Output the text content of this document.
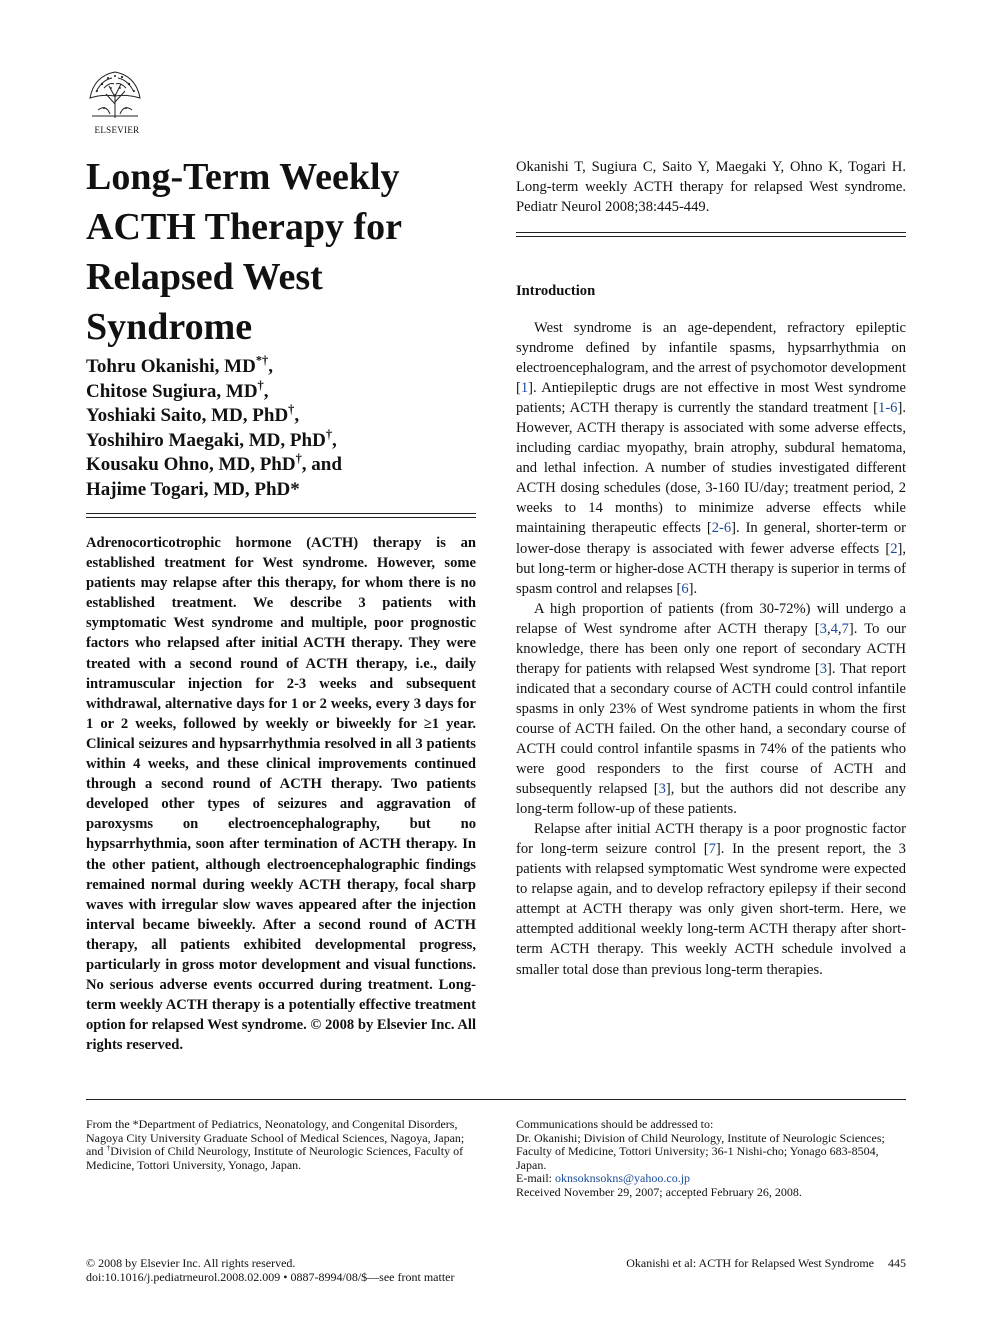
ELSEVIER
Long-Term Weekly ACTH Therapy for Relapsed West Syndrome
Tohru Okanishi, MD*†,
Chitose Sugiura, MD†,
Yoshiaki Saito, MD, PhD†,
Yoshihiro Maegaki, MD, PhD†,
Kousaku Ohno, MD, PhD†, and
Hajime Togari, MD, PhD*

Adrenocorticotrophic hormone (ACTH) therapy is an established treatment for West syndrome. However, some patients may relapse after this therapy, for whom there is no established treatment. We describe 3 patients with symptomatic West syndrome and multiple, poor prognostic factors who relapsed after initial ACTH therapy. They were treated with a second round of ACTH therapy, i.e., daily intramuscular injection for 2-3 weeks and subsequent withdrawal, alternative days for 1 or 2 weeks, every 3 days for 1 or 2 weeks, followed by weekly or biweekly for ≥1 year. Clinical seizures and hypsarrhythmia resolved in all 3 patients within 4 weeks, and these clinical improvements continued through a second round of ACTH therapy. Two patients developed other types of seizures and aggravation of paroxysms on electroencephalography, but no hypsarrhythmia, soon after termination of ACTH therapy. In the other patient, although electroencephalographic findings remained normal during weekly ACTH therapy, focal sharp waves with irregular slow waves appeared after the injection interval became biweekly. After a second round of ACTH therapy, all patients exhibited developmental progress, particularly in gross motor development and visual functions. No serious adverse events occurred during treatment. Long-term weekly ACTH therapy is a potentially effective treatment option for relapsed West syndrome. © 2008 by Elsevier Inc. All rights reserved.

Okanishi T, Sugiura C, Saito Y, Maegaki Y, Ohno K, Togari H. Long-term weekly ACTH therapy for relapsed West syndrome. Pediatr Neurol 2008;38:445-449.

Introduction

West syndrome is an age-dependent, refractory epileptic syndrome defined by infantile spasms, hypsarrhythmia on electroencephalogram, and the arrest of psychomotor development [1]. Antiepileptic drugs are not effective in most West syndrome patients; ACTH therapy is currently the standard treatment [1-6]. However, ACTH therapy is associated with some adverse effects, including cardiac myopathy, brain atrophy, subdural hematoma, and lethal infection. A number of studies investigated different ACTH dosing schedules (dose, 3-160 IU/day; treatment period, 2 weeks to 14 months) to minimize adverse effects while maintaining therapeutic effects [2-6]. In general, shorter-term or lower-dose therapy is associated with fewer adverse effects [2], but long-term or higher-dose ACTH therapy is superior in terms of spasm control and relapses [6].

A high proportion of patients (from 30-72%) will undergo a relapse of West syndrome after ACTH therapy [3,4,7]. To our knowledge, there has been only one report of secondary ACTH therapy for patients with relapsed West syndrome [3]. That report indicated that a secondary course of ACTH could control infantile spasms in only 23% of West syndrome patients in whom the first course of ACTH failed. On the other hand, a secondary course of ACTH could control infantile spasms in 74% of the patients who were good responders to the first course of ACTH and subsequently relapsed [3], but the authors did not describe any long-term follow-up of these patients.

Relapse after initial ACTH therapy is a poor prognostic factor for long-term seizure control [7]. In the present report, the 3 patients with relapsed symptomatic West syndrome were expected to relapse again, and to develop refractory epilepsy if their second attempt at ACTH therapy was only given short-term. Here, we attempted additional weekly long-term ACTH therapy after short-term ACTH therapy. This weekly ACTH schedule involved a smaller total dose than previous long-term therapies.

From the *Department of Pediatrics, Neonatology, and Congenital Disorders, Nagoya City University Graduate School of Medical Sciences, Nagoya, Japan; and †Division of Child Neurology, Institute of Neurologic Sciences, Faculty of Medicine, Tottori University, Yonago, Japan.
Communications should be addressed to:
Dr. Okanishi; Division of Child Neurology, Institute of Neurologic Sciences; Faculty of Medicine, Tottori University; 36-1 Nishi-cho; Yonago 683-8504, Japan.
E-mail: oknsoknsokns@yahoo.co.jp
Received November 29, 2007; accepted February 26, 2008.
© 2008 by Elsevier Inc. All rights reserved.
doi:10.1016/j.pediatrneurol.2008.02.009 • 0887-8994/08/$—see front matter
Okanishi et al: ACTH for Relapsed West Syndrome 445
